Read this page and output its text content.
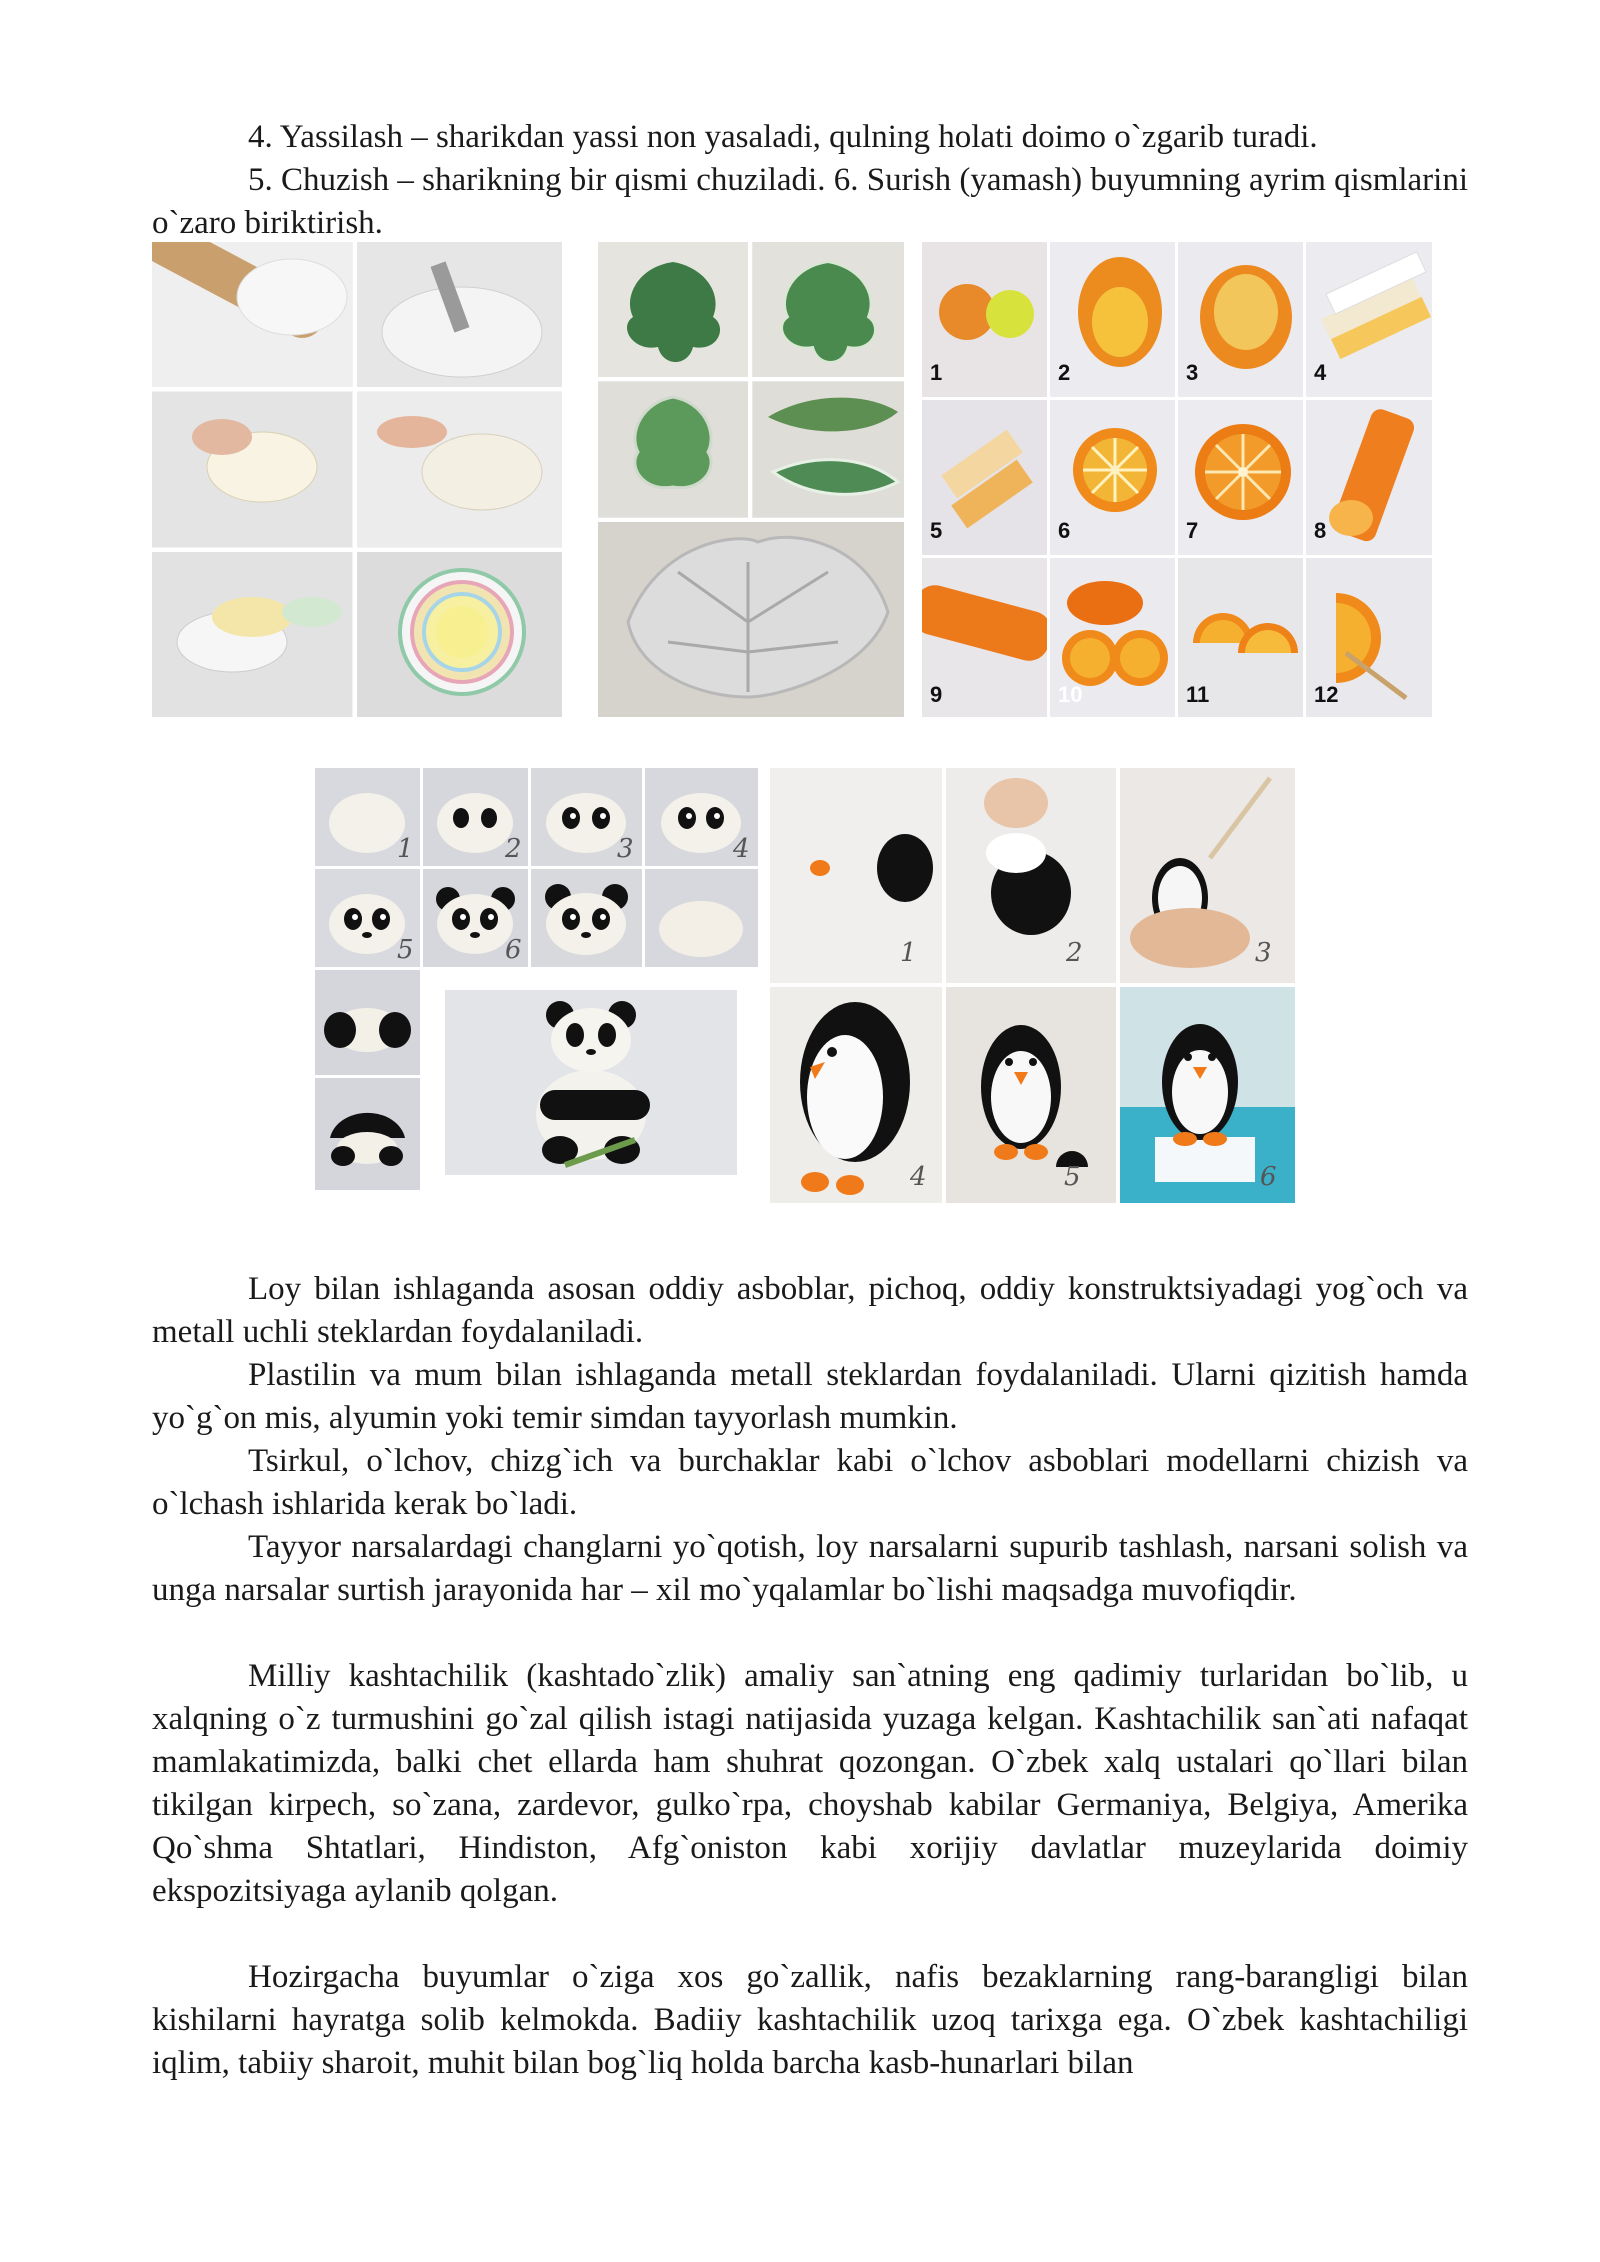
4. Yassilash – sharikdan yassi non yasaladi, qulning holati doimo o`zgarib turadi.

5. Chuzish – sharikning bir qismi chuziladi. 6. Surish (yamash) buyumning ayrim qismlarini o`zaro biriktirish.

1	2	3	4
5	6	7	8
9	10	11	12
1	2	3	4
5	6	1	2	3
4	5	6

Loy bilan ishlaganda asosan oddiy asboblar, pichoq, oddiy konstruktsiyadagi yog`och va metall uchli steklardan foydalaniladi.

Plastilin va mum bilan ishlaganda metall steklardan foydalaniladi. Ularni qizitish hamda yo`g`on mis, alyumin yoki temir simdan tayyorlash mumkin.

Tsirkul, o`lchov, chizg`ich va burchaklar kabi o`lchov asboblari modellarni chizish va o`lchash ishlarida kerak bo`ladi.

Tayyor narsalardagi changlarni yo`qotish, loy narsalarni supurib tashlash, narsani solish va unga narsalar surtish jarayonida har – xil mo`yqalamlar bo`lishi maqsadga muvofiqdir.

Milliy kashtachilik (kashtado`zlik) amaliy san`atning eng qadimiy turlaridan bo`lib, u xalqning o`z turmushini go`zal qilish istagi natijasida yuzaga kelgan. Kashtachilik san`ati nafaqat mamlakatimizda, balki chet ellarda ham shuhrat qozongan. O`zbek xalq ustalari qo`llari bilan tikilgan kirpech, so`zana, zardevor, gulko`rpa, choyshab kabilar Germaniya, Belgiya, Amerika Qo`shma Shtatlari, Hindiston, Afg`oniston kabi xorijiy davlatlar muzeylarida doimiy ekspozitsiyaga aylanib qolgan.

Hozirgacha buyumlar o`ziga xos go`zallik, nafis bezaklarning rang-barangligi bilan kishilarni hayratga solib kelmokda. Badiiy kashtachilik uzoq tarixga ega. O`zbek kashtachiligi iqlim, tabiiy sharoit, muhit bilan bog`liq holda barcha kasb-hunarlari bilan
